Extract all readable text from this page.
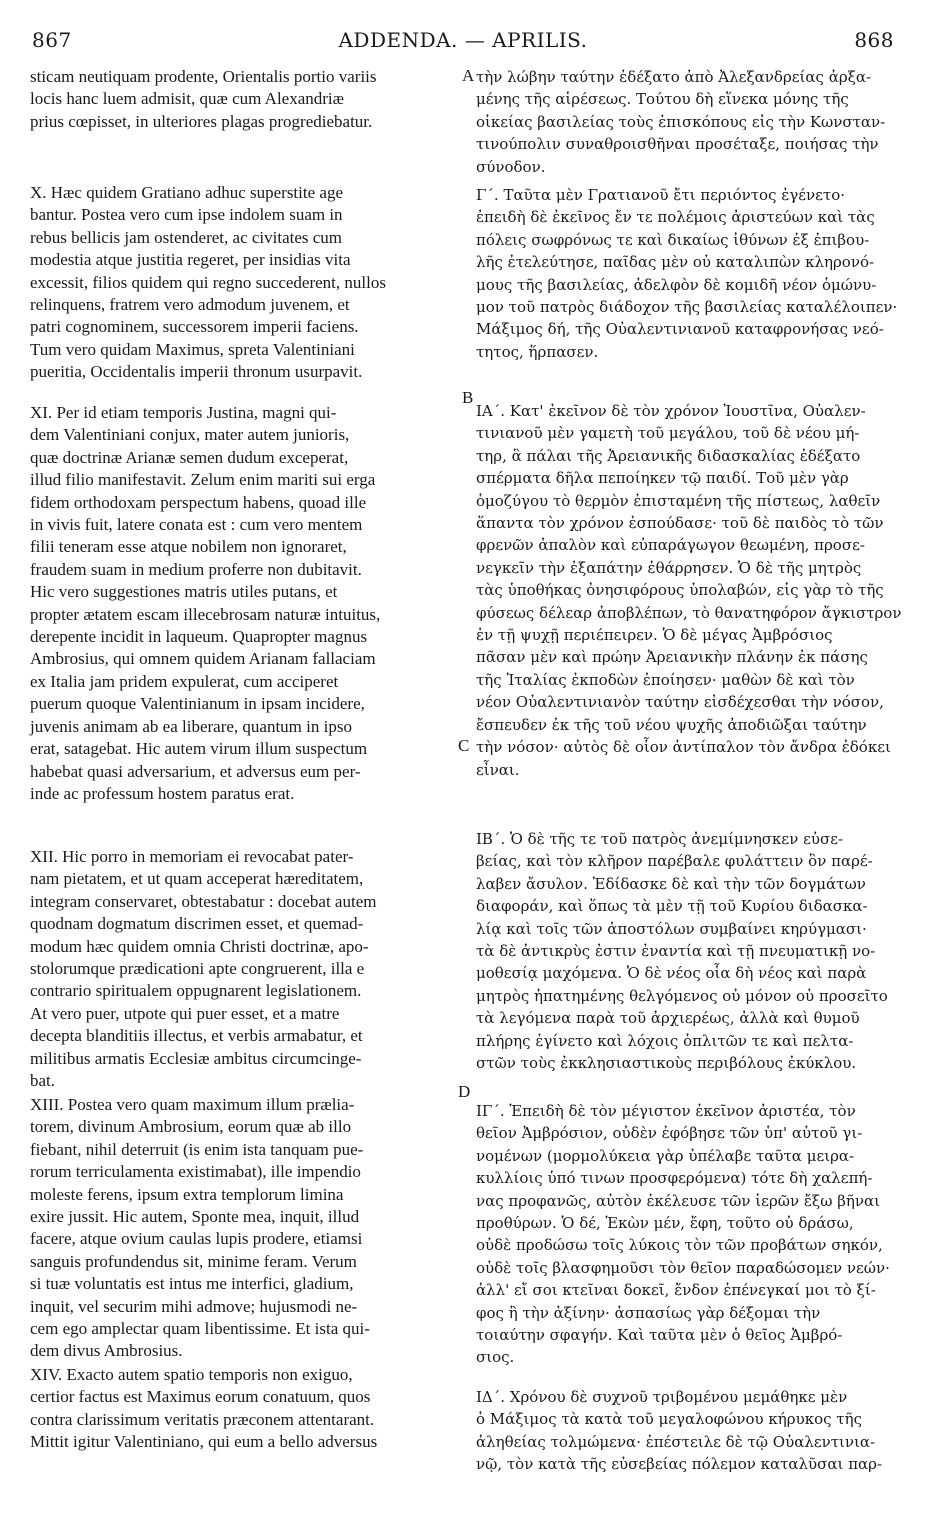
867	ADDENDA. — APRILIS.	868
A
B
C
D
sticam neutiquam prodente, Orientalis portio variis
locis hanc luem admisit, quæ cum Alexandriæ
prius cœpisset, in ulteriores plagas progrediebatur.
X. Hæc quidem Gratiano adhuc superstite age
bantur. Postea vero cum ipse indolem suam in
rebus bellicis jam ostenderet, ac civitates cum
modestia atque justitia regeret, per insidias vita
excessit, filios quidem qui regno succederent, nullos
relinquens, fratrem vero admodum juvenem, et
patri cognominem, successorem imperii faciens.
Tum vero quidam Maximus, spreta Valentiniani
pueritia, Occidentalis imperii thronum usurpavit.
XI. Per id etiam temporis Justina, magni qui-
dem Valentiniani conjux, mater autem junioris,
quæ doctrinæ Arianæ semen dudum exceperat,
illud filio manifestavit. Zelum enim mariti sui erga
fidem orthodoxam perspectum habens, quoad ille
in vivis fuit, latere conata est : cum vero mentem
filii teneram esse atque nobilem non ignoraret,
fraudem suam in medium proferre non dubitavit.
Hic vero suggestiones matris utiles putans, et
propter ætatem escam illecebrosam naturæ intuitus,
derepente incidit in laqueum. Quapropter magnus
Ambrosius, qui omnem quidem Arianam fallaciam
ex Italia jam pridem expulerat, cum acciperet
puerum quoque Valentinianum in ipsam incidere,
juvenis animam ab ea liberare, quantum in ipso
erat, satagebat. Hic autem virum illum suspectum
habebat quasi adversarium, et adversus eum per-
inde ac professum hostem paratus erat.
XII. Hic porro in memoriam ei revocabat pater-
nam pietatem, et ut quam acceperat hæreditatem,
integram conservaret, obtestabatur : docebat autem
quodnam dogmatum discrimen esset, et quemad-
modum hæc quidem omnia Christi doctrinæ, apo-
stolorumque prædicationi apte congruerent, illa e
contrario spiritualem oppugnarent legislationem.
At vero puer, utpote qui puer esset, et a matre
decepta blanditiis illectus, et verbis armabatur, et
militibus armatis Ecclesiæ ambitus circumcinge-
bat.
XIII. Postea vero quam maximum illum prælia-
torem, divinum Ambrosium, eorum quæ ab illo
fiebant, nihil deterruit (is enim ista tanquam pue-
rorum terriculamenta existimabat), ille impendio
moleste ferens, ipsum extra templorum limina
exire jussit. Hic autem, Sponte mea, inquit, illud
facere, atque ovium caulas lupis prodere, etiamsi
sanguis profundendus sit, minime feram. Verum
si tuæ voluntatis est intus me interfici, gladium,
inquit, vel securim mihi admove; hujusmodi ne-
cem ego amplectar quam libentissime. Et ista qui-
dem divus Ambrosius.
XIV. Exacto autem spatio temporis non exiguo,
certior factus est Maximus eorum conatuum, quos
contra clarissimum veritatis præconem attentarant.
Mittit igitur Valentiniano, qui eum a bello adversus
τὴν λώβην ταύτην ἐδέξατο ἀπὸ Ἀλεξανδρείας ἀρξα-
μένης τῆς αἱρέσεως. Τούτου δὴ εἵνεκα μόνης τῆς
οἰκείας βασιλείας τοὺς ἐπισκόπους εἰς τὴν Κωνσταν-
τινούπολιν συναθροισθῆναι προσέταξε, ποιήσας τὴν
σύνοδον.
Γ΄. Ταῦτα μὲν Γρατιανοῦ ἔτι περιόντος ἐγένετο·
ἐπειδὴ δὲ ἐκεῖνος ἔν τε πολέμοις ἀριστεύων καὶ τὰς
πόλεις σωφρόνως τε καὶ δικαίως ἰθύνων ἐξ ἐπιβου-
λῆς ἐτελεύτησε, παῖδας μὲν οὐ καταλιπὼν κληρονό-
μους τῆς βασιλείας, ἀδελφὸν δὲ κομιδῆ νέον ὁμώνυ-
μον τοῦ πατρὸς διάδοχον τῆς βασιλείας καταλέλοιπεν·
Μάξιμος δή, τῆς Οὐαλεντινιανοῦ καταφρονήσας νεό-
τητος, ἥρπασεν.
ΙΑ΄. Κατ' ἐκεῖνον δὲ τὸν χρόνον Ἰουστῖνα, Οὐαλεν-
τινιανοῦ μὲν γαμετὴ τοῦ μεγάλου, τοῦ δὲ νέου μή-
τηρ, ἃ πάλαι τῆς Ἀρειανικῆς διδασκαλίας ἐδέξατο
σπέρματα δῆλα πεποίηκεν τῷ παιδί. Τοῦ μὲν γὰρ
ὁμοζύγου τὸ θερμὸν ἐπισταμένη τῆς πίστεως, λαθεῖν
ἅπαντα τὸν χρόνον ἐσπούδασε· τοῦ δὲ παιδὸς τὸ τῶν
φρενῶν ἁπαλὸν καὶ εὐπαράγωγον θεωμένη, προσε-
νεγκεῖν τὴν ἐξαπάτην ἐθάρρησεν. Ὁ δὲ τῆς μητρὸς
τὰς ὑποθήκας ὀνησιφόρους ὑπολαβών, εἰς γὰρ τὸ τῆς
φύσεως δέλεαρ ἀποβλέπων, τὸ θανατηφόρον ἄγκιστρον
ἐν τῇ ψυχῇ περιέπειρεν. Ὁ δὲ μέγας Ἀμβρόσιος
πᾶσαν μὲν καὶ πρώην Ἀρειανικὴν πλάνην ἐκ πάσης
τῆς Ἰταλίας ἐκποδὼν ἐποίησεν· μαθὼν δὲ καὶ τὸν
νέον Οὐαλεντινιανὸν ταύτην εἰσδέχεσθαι τὴν νόσον,
ἔσπευδεν ἐκ τῆς τοῦ νέου ψυχῆς ἀποδιῶξαι ταύτην
τὴν νόσον· αὐτὸς δὲ οἷον ἀντίπαλον τὸν ἄνδρα ἐδόκει
εἶναι.
ΙΒ΄. Ὁ δὲ τῆς τε τοῦ πατρὸς ἀνεμίμνησκεν εὐσε-
βείας, καὶ τὸν κλῆρον παρέβαλε φυλάττειν ὃν παρέ-
λαβεν ἄσυλον. Ἐδίδασκε δὲ καὶ τὴν τῶν δογμάτων
διαφοράν, καὶ ὅπως τὰ μὲν τῇ τοῦ Κυρίου διδασκα-
λίᾳ καὶ τοῖς τῶν ἀποστόλων συμβαίνει κηρύγμασι·
τὰ δὲ ἀντικρὺς ἐστιν ἐναντία καὶ τῇ πνευματικῇ νο-
μοθεσίᾳ μαχόμενα. Ὁ δὲ νέος οἷα δὴ νέος καὶ παρὰ
μητρὸς ἠπατημένης θελγόμενος οὐ μόνον οὐ προσεῖτο
τὰ λεγόμενα παρὰ τοῦ ἀρχιερέως, ἀλλὰ καὶ θυμοῦ
πλήρης ἐγίνετο καὶ λόχοις ὁπλιτῶν τε καὶ πελτα-
στῶν τοὺς ἐκκλησιαστικοὺς περιβόλους ἐκύκλου.
ΙΓ΄. Ἐπειδὴ δὲ τὸν μέγιστον ἐκεῖνον ἀριστέα, τὸν
θεῖον Ἀμβρόσιον, οὐδὲν ἐφόβησε τῶν ὑπ' αὐτοῦ γι-
νομένων (μορμολύκεια γὰρ ὑπέλαβε ταῦτα μειρα-
κυλλίοις ὑπό τινων προσφερόμενα) τότε δὴ χαλεπή-
νας προφανῶς, αὐτὸν ἐκέλευσε τῶν ἱερῶν ἔξω βῆναι
προθύρων. Ὁ δέ, Ἑκὼν μέν, ἔφη, τοῦτο οὐ δράσω,
οὐδὲ προδώσω τοῖς λύκοις τὸν τῶν προβάτων σηκόν,
οὐδὲ τοῖς βλασφημοῦσι τὸν θεῖον παραδώσομεν νεών·
ἀλλ' εἴ σοι κτεῖναι δοκεῖ, ἔνδον ἐπένεγκαί μοι τὸ ξί-
φος ἢ τὴν ἀξίνην· ἀσπασίως γὰρ δέξομαι τὴν
τοιαύτην σφαγήν. Καὶ ταῦτα μὲν ὁ θεῖος Ἀμβρό-
σιος.
ΙΔ΄. Χρόνου δὲ συχνοῦ τριβομένου μεμάθηκε μὲν
ὁ Μάξιμος τὰ κατὰ τοῦ μεγαλοφώνου κήρυκος τῆς
ἀληθείας τολμώμενα· ἐπέστειλε δὲ τῷ Οὐαλεντινια-
νῷ, τὸν κατὰ τῆς εὐσεβείας πόλεμον καταλῦσαι παρ-
